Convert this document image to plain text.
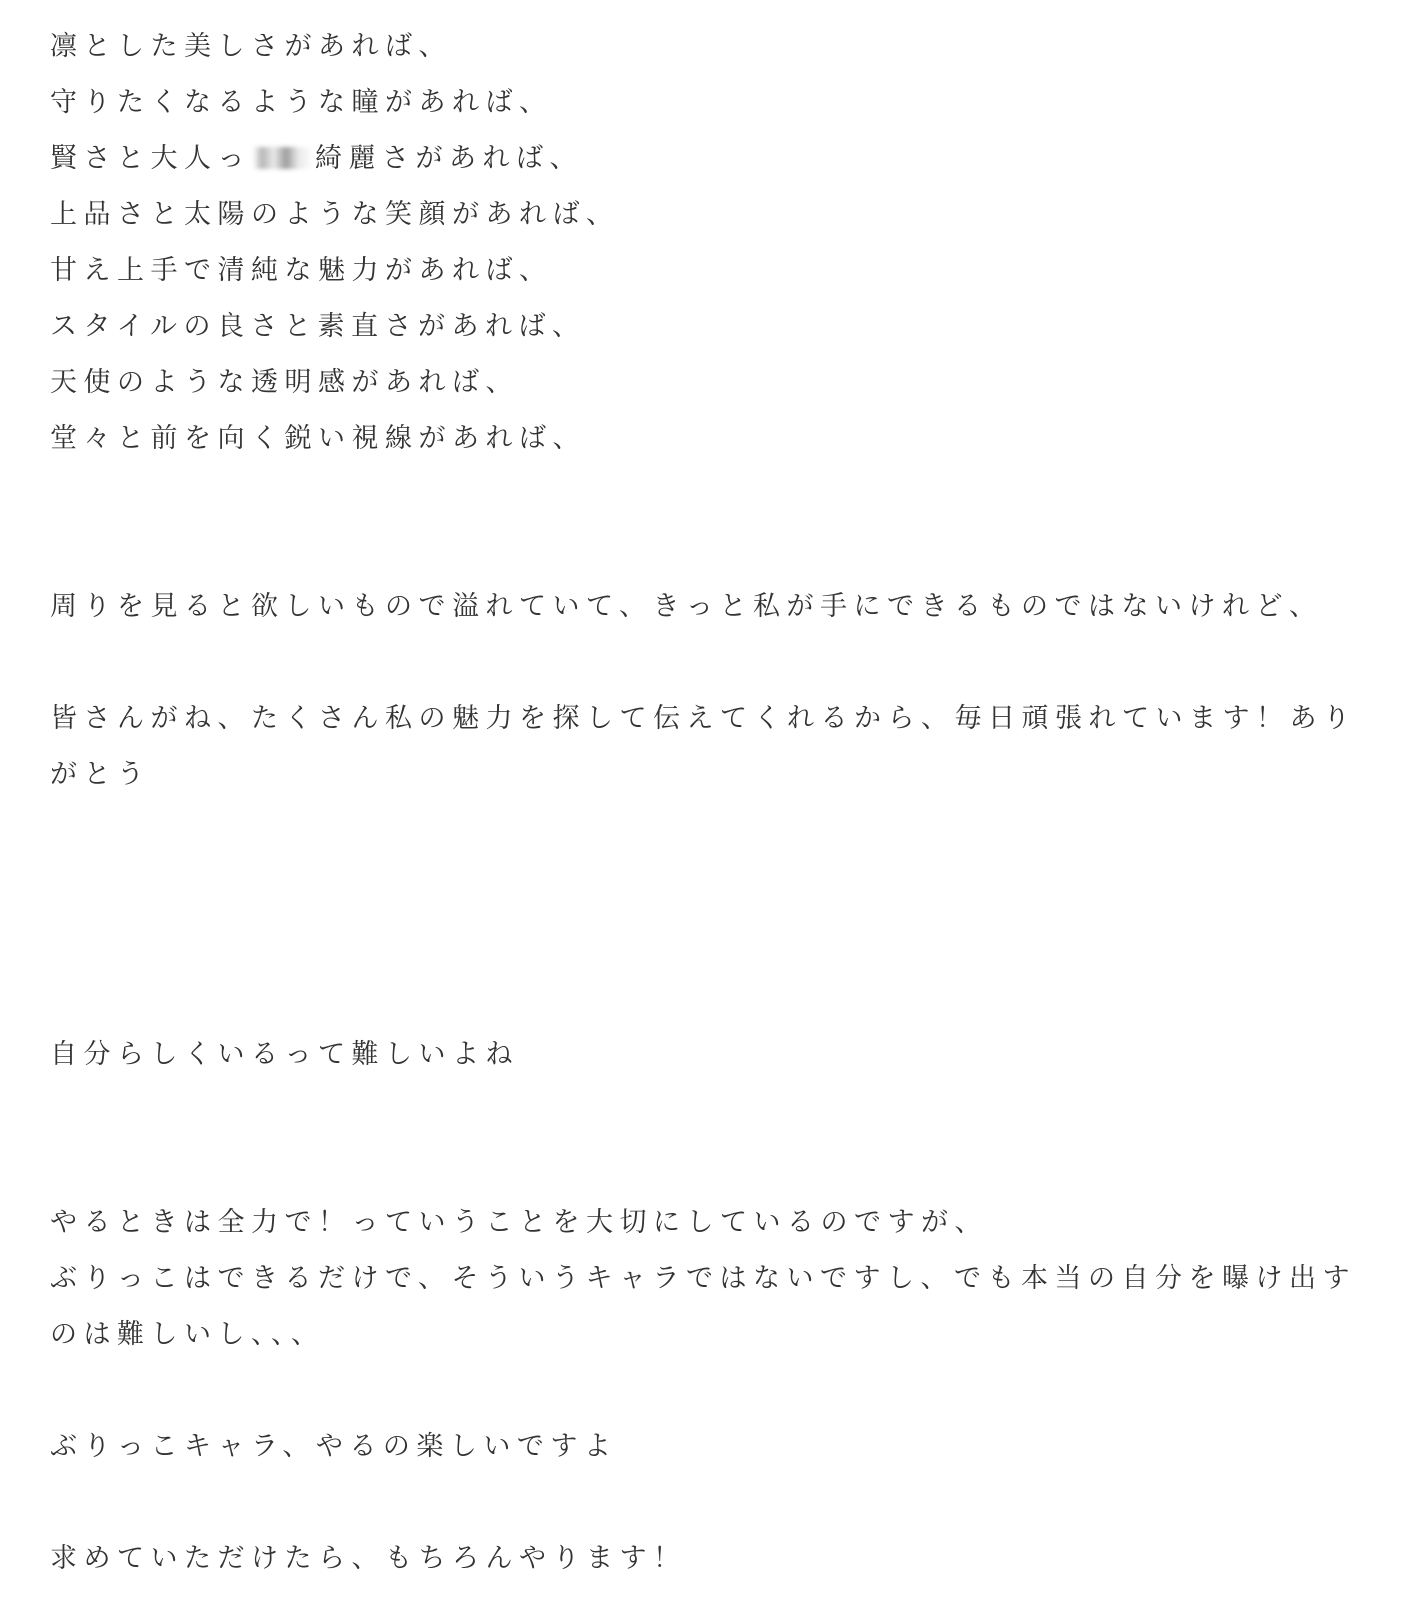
凛とした美しさがあれば、
守りたくなるような瞳があれば、
賢さと大人っ 綺麗さがあれば、
上品さと太陽のような笑顔があれば、
甘え上手で清純な魅力があれば、
スタイルの良さと素直さがあれば、
天使のような透明感があれば、
堂々と前を向く鋭い視線があれば、
周りを見ると欲しいもので溢れていて、きっと私が手にできるものではないけれど、
皆さんがね、たくさん私の魅力を探して伝えてくれるから、毎日頑張れています！あり
がとう
自分らしくいるって難しいよね
やるときは全力で！っていうことを大切にしているのですが、
ぶりっこはできるだけで、そういうキャラではないですし、でも本当の自分を曝け出す
のは難しいし、、、
ぶりっこキャラ、やるの楽しいですよ
求めていただけたら、もちろんやります！
